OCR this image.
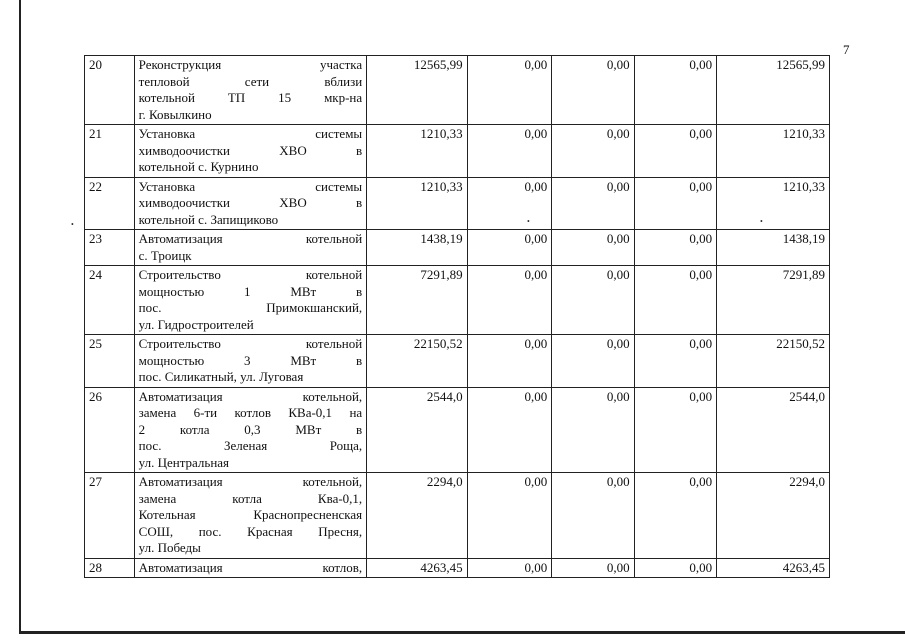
7
•	•	•
20	Реконструкция участка
тепловой сети вблизи
котельной ТП 15 мкр-на
г. Ковылкино	12565,99	0,00	0,00	0,00	12565,99
21	Установка системы
химводоочистки ХВО в
котельной с. Курнино	1210,33	0,00	0,00	0,00	1210,33
22	Установка системы
химводоочистки ХВО в
котельной с. Запищиково	1210,33	0,00	0,00	0,00	1210,33
23	Автоматизация котельной
с. Троицк	1438,19	0,00	0,00	0,00	1438,19
24	Строительство котельной
мощностью 1 МВт в
пос. Примокшанский,
ул. Гидростроителей	7291,89	0,00	0,00	0,00	7291,89
25	Строительство котельной
мощностью 3 МВт в
пос. Силикатный, ул. Луговая	22150,52	0,00	0,00	0,00	22150,52
26	Автоматизация котельной,
замена 6-ти котлов КВа-0,1 на
2 котла 0,3 МВт в
пос. Зеленая Роща,
ул. Центральная	2544,0	0,00	0,00	0,00	2544,0
27	Автоматизация котельной,
замена котла Ква-0,1,
Котельная Краснопресненская
СОШ, пос. Красная Пресня,
ул. Победы	2294,0	0,00	0,00	0,00	2294,0
28	Автоматизация котлов,	4263,45	0,00	0,00	0,00	4263,45
